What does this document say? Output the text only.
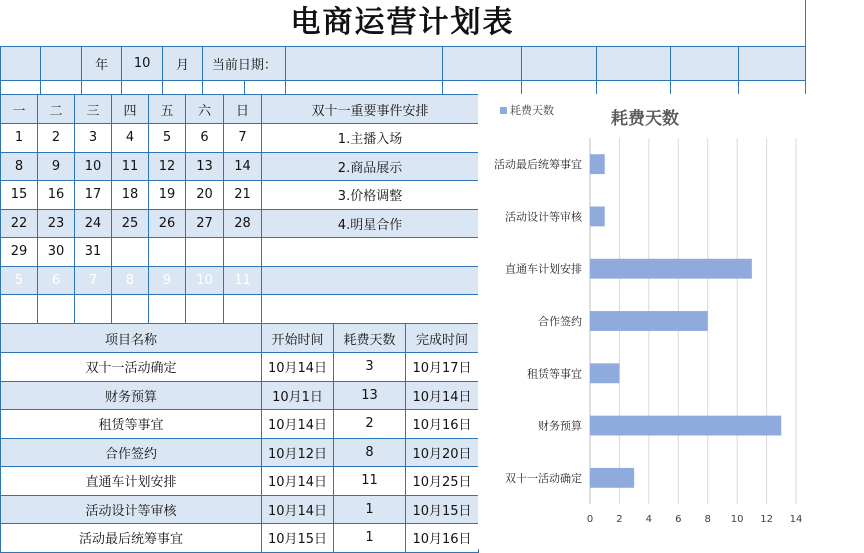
电商运营计划表
		年	10	月	当前日期：							

一	二	三	四	五	六	日	双十一重要事件安排
1	2	3	4	5	6	7	1.主播入场
8	9	10	11	12	13	14	2.商品展示
15	16	17	18	19	20	21	3.价格调整
22	23	24	25	26	27	28	4.明星合作
29	30	31					
5	6	7	8	9	10	11	

项目名称	开始时间	耗费天数	完成时间
双十一活动确定	10月14日	3	10月17日
财务预算	10月1日	13	10月14日
租赁等事宜	10月14日	2	10月16日
合作签约	10月12日	8	10月20日
直通车计划安排	10月14日	11	10月25日
活动设计等审核	10月14日	1	10月15日
活动最后统筹事宜	10月15日	1	10月16日
耗费天数	耗费天数
0 2 4 6 8 10 12 14
活动最后统筹事宜
活动设计等审核
直通车计划安排
合作签约
租赁等事宜
财务预算
双十一活动确定
